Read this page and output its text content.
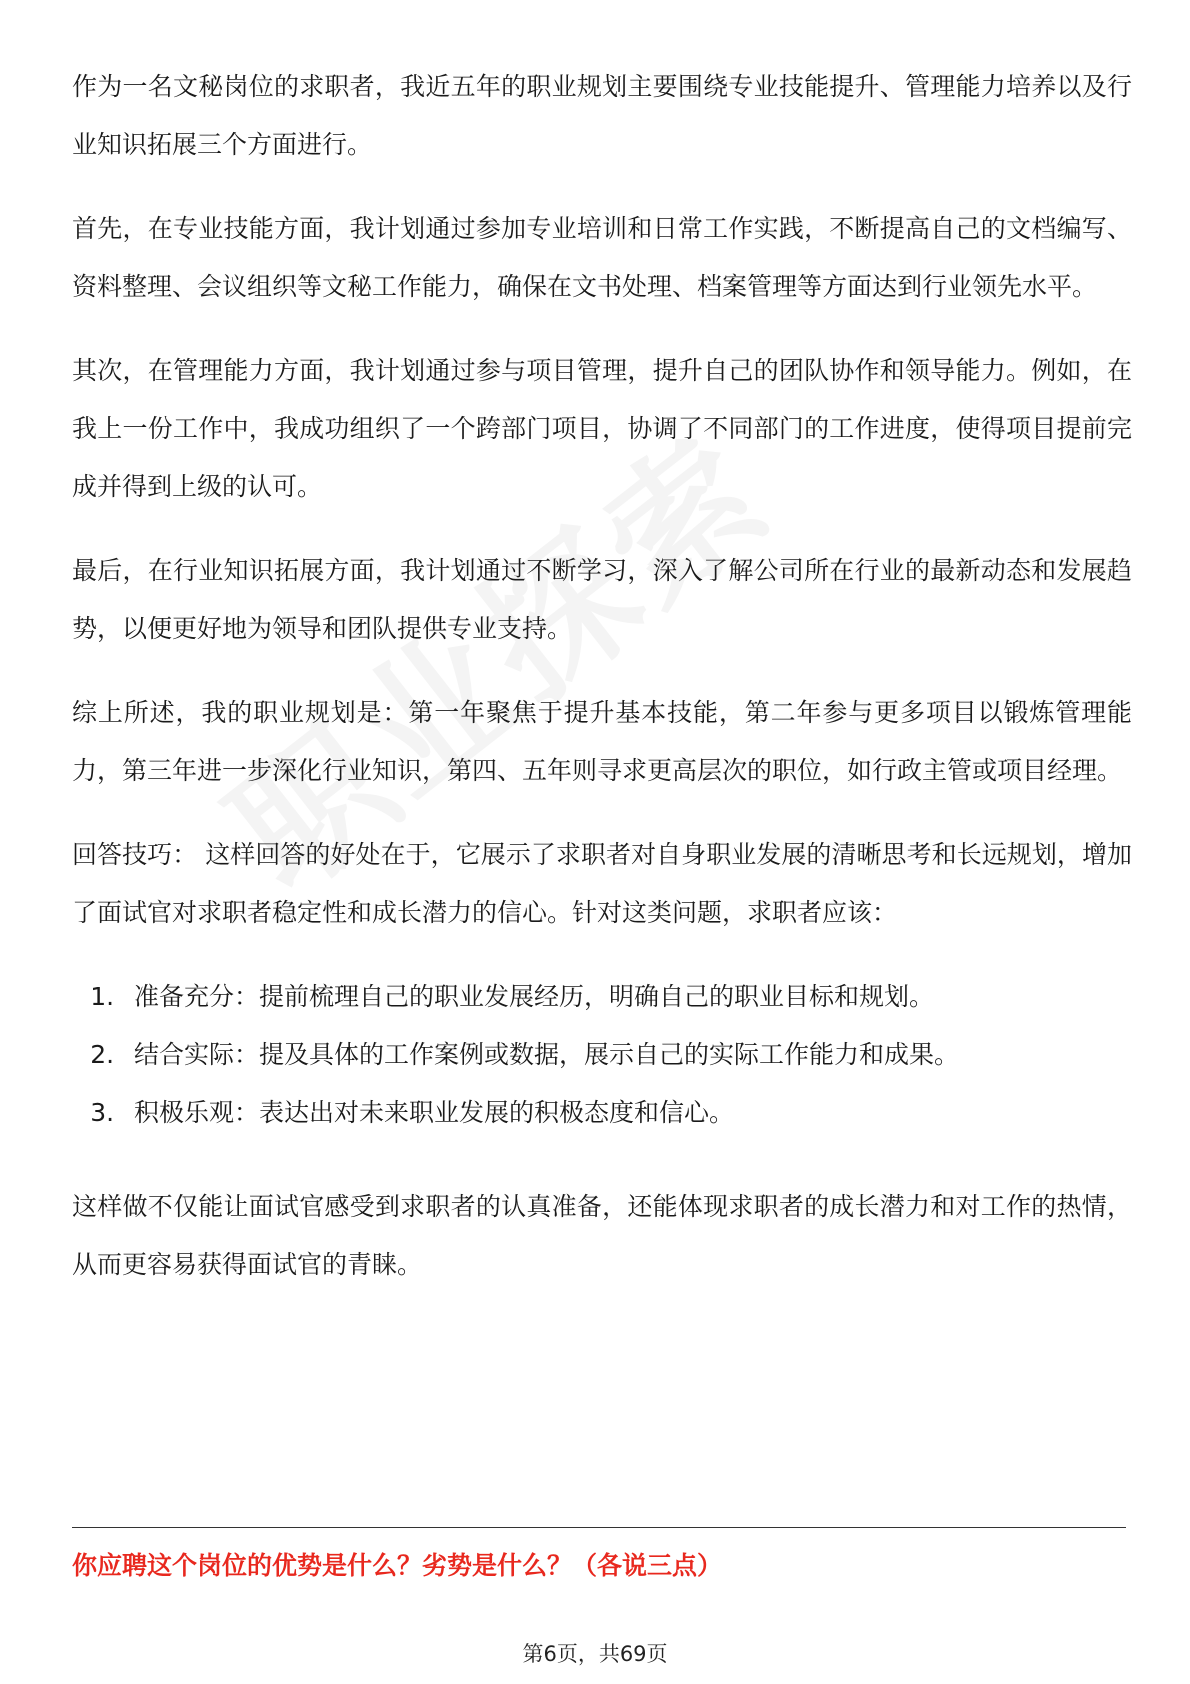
作为一名文秘岗位的求职者，我近五年的职业规划主要围绕专业技能提升、管理能力培养以及行业知识拓展三个方面进行。

首先，在专业技能方面，我计划通过参加专业培训和日常工作实践，不断提高自己的文档编写、资料整理、会议组织等文秘工作能力，确保在文书处理、档案管理等方面达到行业领先水平。

其次，在管理能力方面，我计划通过参与项目管理，提升自己的团队协作和领导能力。例如，在我上一份工作中，我成功组织了一个跨部门项目，协调了不同部门的工作进度，使得项目提前完成并得到上级的认可。

最后，在行业知识拓展方面，我计划通过不断学习，深入了解公司所在行业的最新动态和发展趋势，以便更好地为领导和团队提供专业支持。

综上所述，我的职业规划是：第一年聚焦于提升基本技能，第二年参与更多项目以锻炼管理能力，第三年进一步深化行业知识，第四、五年则寻求更高层次的职位，如行政主管或项目经理。

回答技巧： 这样回答的好处在于，它展示了求职者对自身职业发展的清晰思考和长远规划，增加了面试官对求职者稳定性和成长潜力的信心。针对这类问题，求职者应该：

1. 准备充分：提前梳理自己的职业发展经历，明确自己的职业目标和规划。
2. 结合实际：提及具体的工作案例或数据，展示自己的实际工作能力和成果。
3. 积极乐观：表达出对未来职业发展的积极态度和信心。

这样做不仅能让面试官感受到求职者的认真准备，还能体现求职者的成长潜力和对工作的热情，从而更容易获得面试官的青睐。

你应聘这个岗位的优势是什么？劣势是什么？（各说三点）
第6页，共69页
